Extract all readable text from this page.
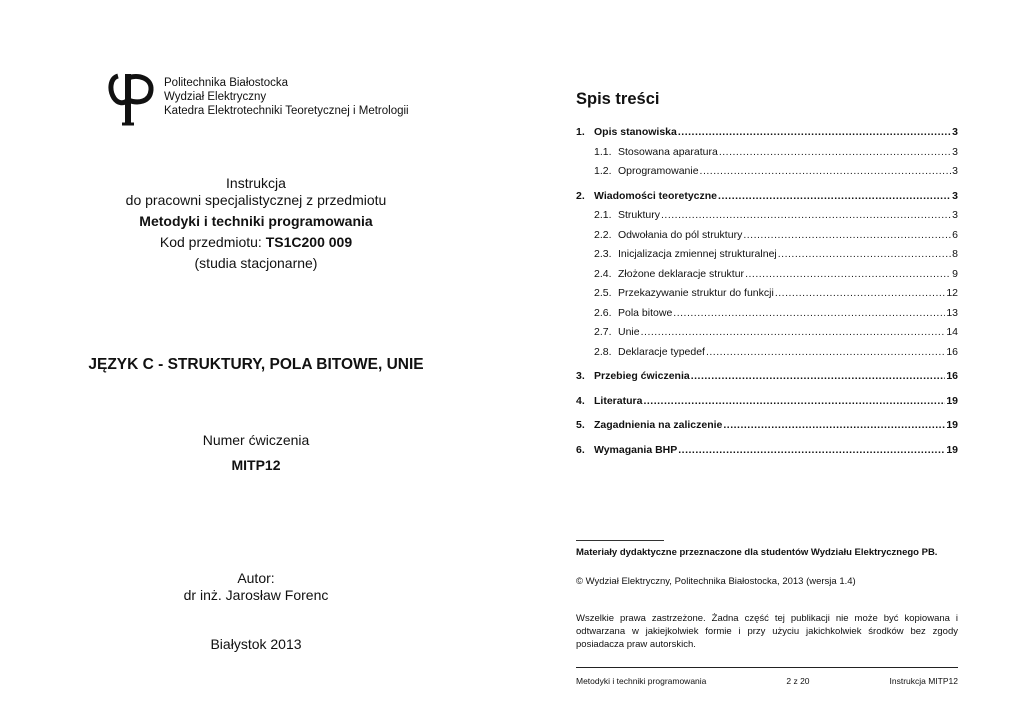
Politechnika Białostocka
Wydział Elektryczny
Katedra Elektrotechniki Teoretycznej i Metrologii
Instrukcja
do pracowni specjalistycznej z przedmiotu
Metodyki i techniki programowania
Kod przedmiotu: TS1C200 009
(studia stacjonarne)
JĘZYK C - STRUKTURY, POLA BITOWE, UNIE
Numer ćwiczenia
MITP12
Autor:
dr inż. Jarosław Forenc
Białystok 2013
Spis treści
1. Opis stanowiska .....	3
1.1. Stosowana aparatura .....	3
1.2. Oprogramowanie .....	3
2. Wiadomości teoretyczne .....	3
2.1. Struktury .....	3
2.2. Odwołania do pól struktury .....	6
2.3. Inicjalizacja zmiennej strukturalnej .....	8
2.4. Złożone deklaracje struktur .....	9
2.5. Przekazywanie struktur do funkcji .....	12
2.6. Pola bitowe .....	13
2.7. Unie .....	14
2.8. Deklaracje typedef .....	16
3. Przebieg ćwiczenia .....	16
4. Literatura .....	19
5. Zagadnienia na zaliczenie .....	19
6. Wymagania BHP .....	19
Materiały dydaktyczne przeznaczone dla studentów Wydziału Elektrycznego PB.
© Wydział Elektryczny, Politechnika Białostocka, 2013 (wersja 1.4)
Wszelkie prawa zastrzeżone. Żadna część tej publikacji nie może być kopiowana i odtwarzana w jakiejkolwiek formie i przy użyciu jakichkolwiek środków bez zgody posiadacza praw autorskich.
Metodyki i techniki programowania	2 z 20	Instrukcja MITP12
